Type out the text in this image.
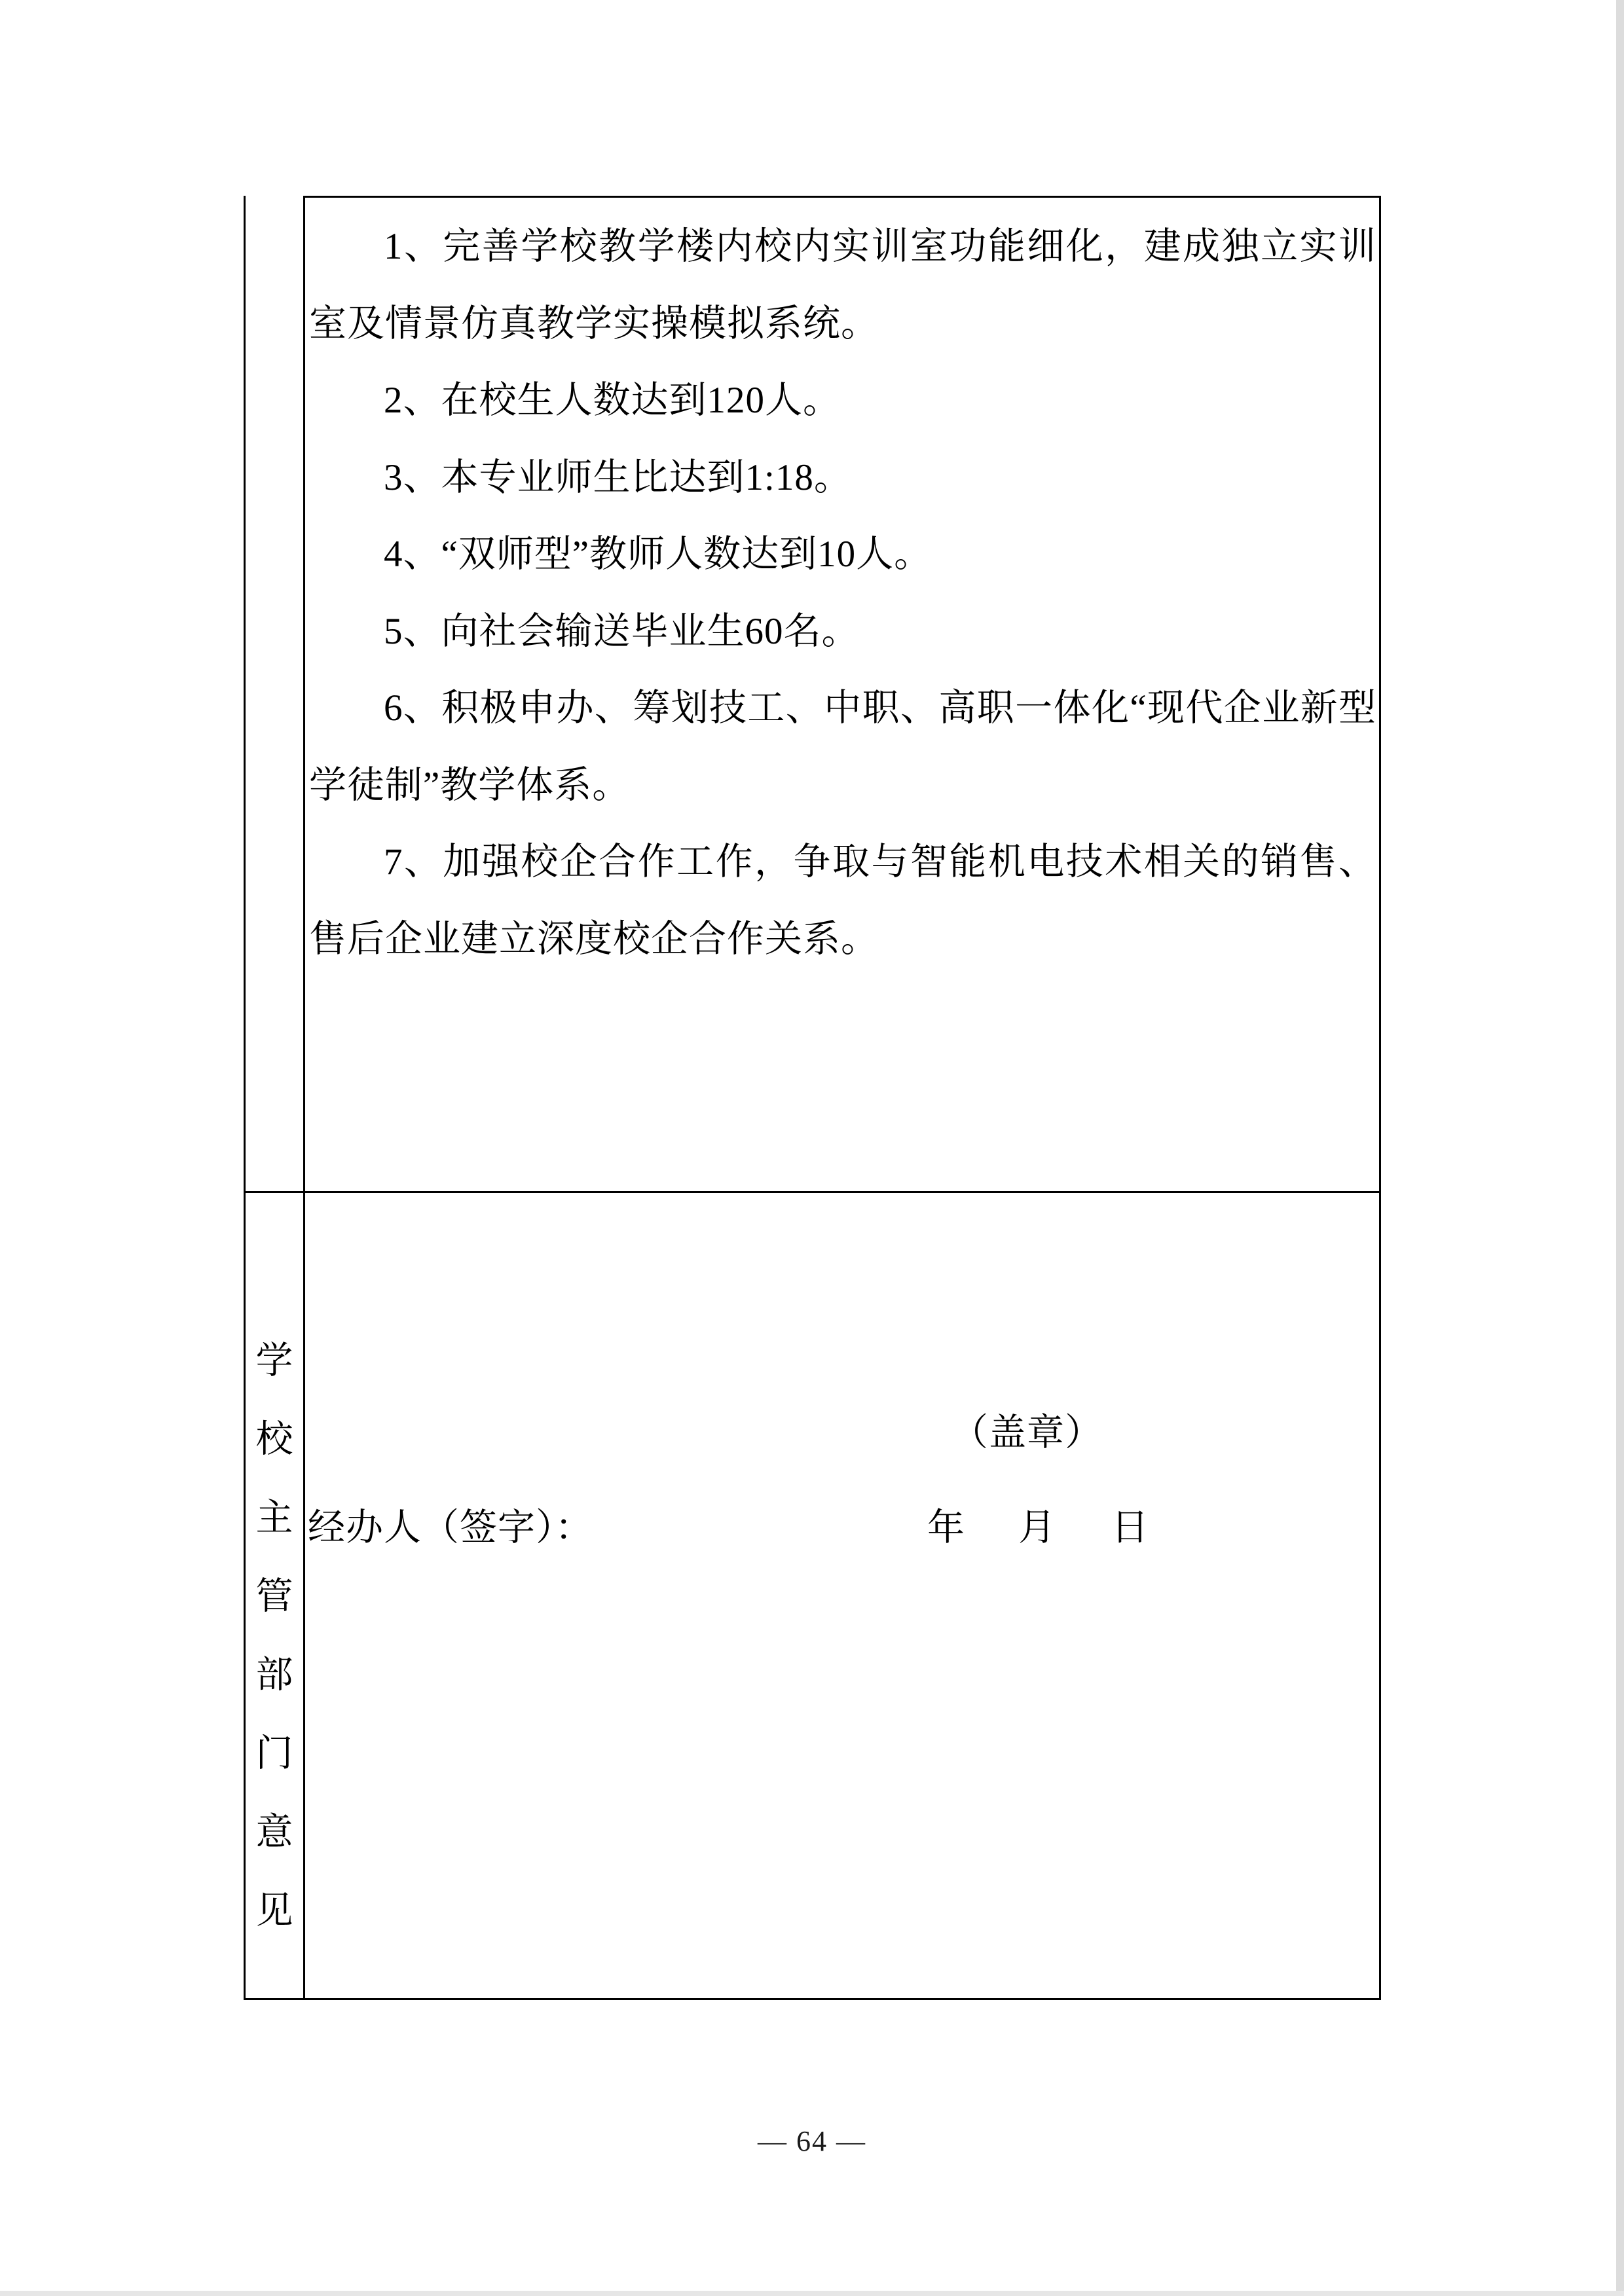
1、完善学校教学楼内校内实训室功能细化，建成独立实训室及情景仿真教学实操模拟系统。

2、在校生人数达到120人。

3、本专业师生比达到1:18。

4、“双师型”教师人数达到10人。

5、向社会输送毕业生60名。

6、积极申办、筹划技工、中职、高职一体化“现代企业新型学徒制”教学体系。

7、加强校企合作工作，争取与智能机电技术相关的销售、售后企业建立深度校企合作关系。

学
校
主
管
部
门
意
见
（盖章）
经办人（签字）：	年 月 日
— 64 —
